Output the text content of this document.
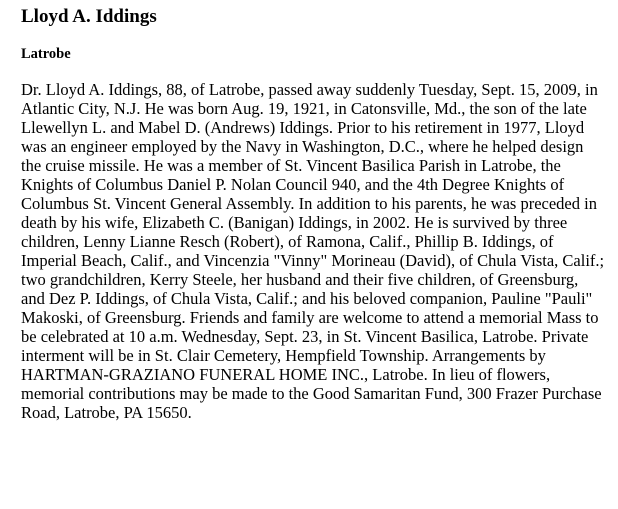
Lloyd A. Iddings
Latrobe

Dr. Lloyd A. Iddings, 88, of Latrobe, passed away suddenly Tuesday, Sept. 15, 2009, in Atlantic City, N.J. He was born Aug. 19, 1921, in Catonsville, Md., the son of the late Llewellyn L. and Mabel D. (Andrews) Iddings. Prior to his retirement in 1977, Lloyd was an engineer employed by the Navy in Washington, D.C., where he helped design the cruise missile. He was a member of St. Vincent Basilica Parish in Latrobe, the Knights of Columbus Daniel P. Nolan Council 940, and the 4th Degree Knights of Columbus St. Vincent General Assembly. In addition to his parents, he was preceded in death by his wife, Elizabeth C. (Banigan) Iddings, in 2002. He is survived by three children, Lenny Lianne Resch (Robert), of Ramona, Calif., Phillip B. Iddings, of Imperial Beach, Calif., and Vincenzia "Vinny" Morineau (David), of Chula Vista, Calif.; two grandchildren, Kerry Steele, her husband and their five children, of Greensburg, and Dez P. Iddings, of Chula Vista, Calif.; and his beloved companion, Pauline "Pauli" Makoski, of Greensburg. Friends and family are welcome to attend a memorial Mass to be celebrated at 10 a.m. Wednesday, Sept. 23, in St. Vincent Basilica, Latrobe. Private interment will be in St. Clair Cemetery, Hempfield Township. Arrangements by HARTMAN-GRAZIANO FUNERAL HOME INC., Latrobe. In lieu of flowers, memorial contributions may be made to the Good Samaritan Fund, 300 Frazer Purchase Road, Latrobe, PA 15650.
